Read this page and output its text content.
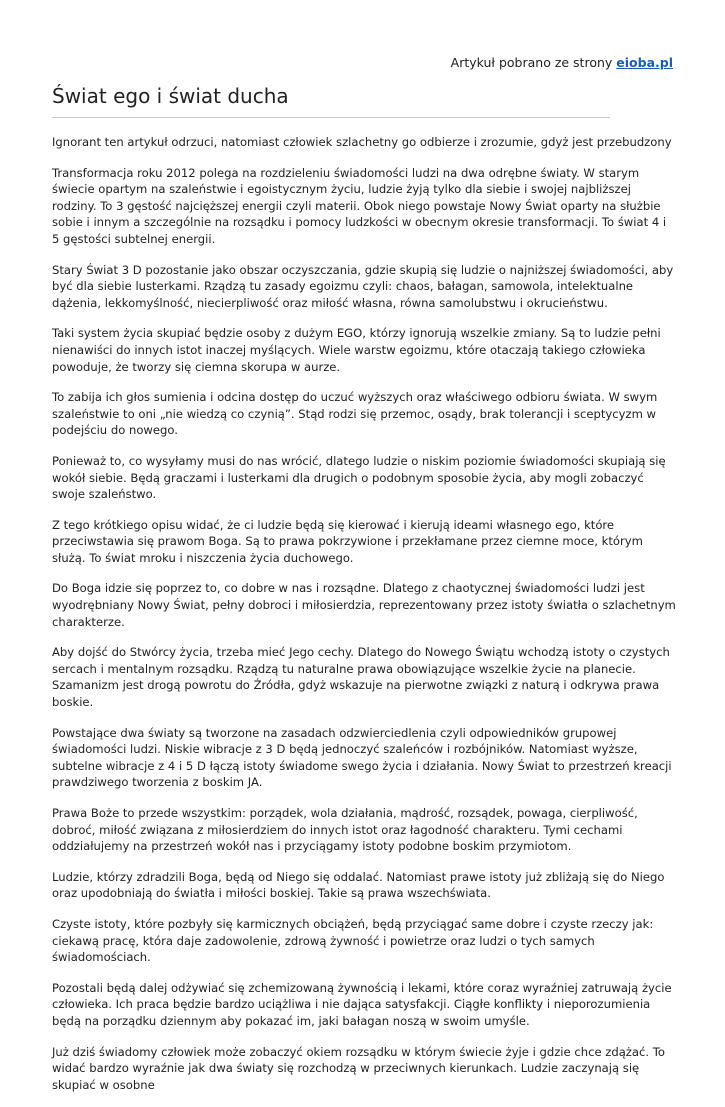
Artykuł pobrano ze strony eioba.pl
Świat ego i świat ducha

Ignorant ten artykuł odrzuci, natomiast człowiek szlachetny go odbierze i zrozumie, gdyż jest przebudzony

Transformacja roku 2012 polega na rozdzieleniu świadomości ludzi na dwa odrębne światy. W starym świecie opartym na szaleństwie i egoistycznym życiu, ludzie żyją tylko dla siebie i swojej najbliższej rodziny. To 3 gęstość najcięższej energii czyli materii. Obok niego powstaje Nowy Świat oparty na służbie sobie i innym a szczególnie na rozsądku i pomocy ludzkości w obecnym okresie transformacji. To świat 4 i 5 gęstości subtelnej energii.

Stary Świat 3 D pozostanie jako obszar oczyszczania, gdzie skupią się ludzie o najniższej świadomości, aby być dla siebie lusterkami. Rządzą tu zasady egoizmu czyli: chaos, bałagan, samowola, intelektualne dążenia, lekkomyślność, niecierpliwość oraz miłość własna, równa samolubstwu i okrucieństwu.

Taki system życia skupiać będzie osoby z dużym EGO, którzy ignorują wszelkie zmiany. Są to ludzie pełni nienawiści do innych istot inaczej myślących. Wiele warstw egoizmu, które otaczają takiego człowieka powoduje, że tworzy się ciemna skorupa w aurze.

To zabija ich głos sumienia i odcina dostęp do uczuć wyższych oraz właściwego odbioru świata. W swym szaleństwie to oni „nie wiedzą co czynią”. Stąd rodzi się przemoc, osądy, brak tolerancji i sceptycyzm w podejściu do nowego.

Ponieważ to, co wysyłamy musi do nas wrócić, dlatego ludzie o niskim poziomie świadomości skupiają się wokół siebie. Będą graczami i lusterkami dla drugich o podobnym sposobie życia, aby mogli zobaczyć swoje szaleństwo.

Z tego krótkiego opisu widać, że ci ludzie będą się kierować i kierują ideami własnego ego, które przeciwstawia się prawom Boga. Są to prawa pokrzywione i przekłamane przez ciemne moce, którym służą. To świat mroku i niszczenia życia duchowego.

Do Boga idzie się poprzez to, co dobre w nas i rozsądne. Dlatego z chaotycznej świadomości ludzi jest wyodrębniany Nowy Świat, pełny dobroci i miłosierdzia, reprezentowany przez istoty światła o szlachetnym charakterze.

Aby dojść do Stwórcy życia, trzeba mieć Jego cechy. Dlatego do Nowego Świątu wchodzą istoty o czystych sercach i mentalnym rozsądku. Rządzą tu naturalne prawa obowiązujące wszelkie życie na planecie. Szamanizm jest drogą powrotu do Źródła, gdyż wskazuje na pierwotne związki z naturą i odkrywa prawa boskie.

Powstające dwa światy są tworzone na zasadach odzwierciedlenia czyli odpowiedników grupowej świadomości ludzi. Niskie wibracje z 3 D będą jednoczyć szaleńców i rozbójników. Natomiast wyższe, subtelne wibracje z 4 i 5 D łączą istoty świadome swego życia i działania. Nowy Świat to przestrzeń kreacji prawdziwego tworzenia z boskim JA.

Prawa Boże to przede wszystkim: porządek, wola działania, mądrość, rozsądek, powaga, cierpliwość, dobroć, miłość związana z miłosierdziem do innych istot oraz łagodność charakteru. Tymi cechami oddziałujemy na przestrzeń wokół nas i przyciągamy istoty podobne boskim przymiotom.

Ludzie, którzy zdradzili Boga, będą od Niego się oddalać. Natomiast prawe istoty już zbliżają się do Niego oraz upodobniają do światła i miłości boskiej. Takie są prawa wszechświata.

Czyste istoty, które pozbyły się karmicznych obciążeń, będą przyciągać same dobre i czyste rzeczy jak: ciekawą pracę, która daje zadowolenie, zdrową żywność i powietrze oraz ludzi o tych samych świadomościach.

Pozostali będą dalej odżywiać się zchemizowaną żywnością i lekami, które coraz wyraźniej zatruwają życie człowieka. Ich praca będzie bardzo uciążliwa i nie dająca satysfakcji. Ciągłe konflikty i nieporozumienia będą na porządku dziennym aby pokazać im, jaki bałagan noszą w swoim umyśle.

Już dziś świadomy człowiek może zobaczyć okiem rozsądku w którym świecie żyje i gdzie chce zdążać. To widać bardzo wyraźnie jak dwa światy się rozchodzą w przeciwnych kierunkach. Ludzie zaczynają się skupiać w osobne
